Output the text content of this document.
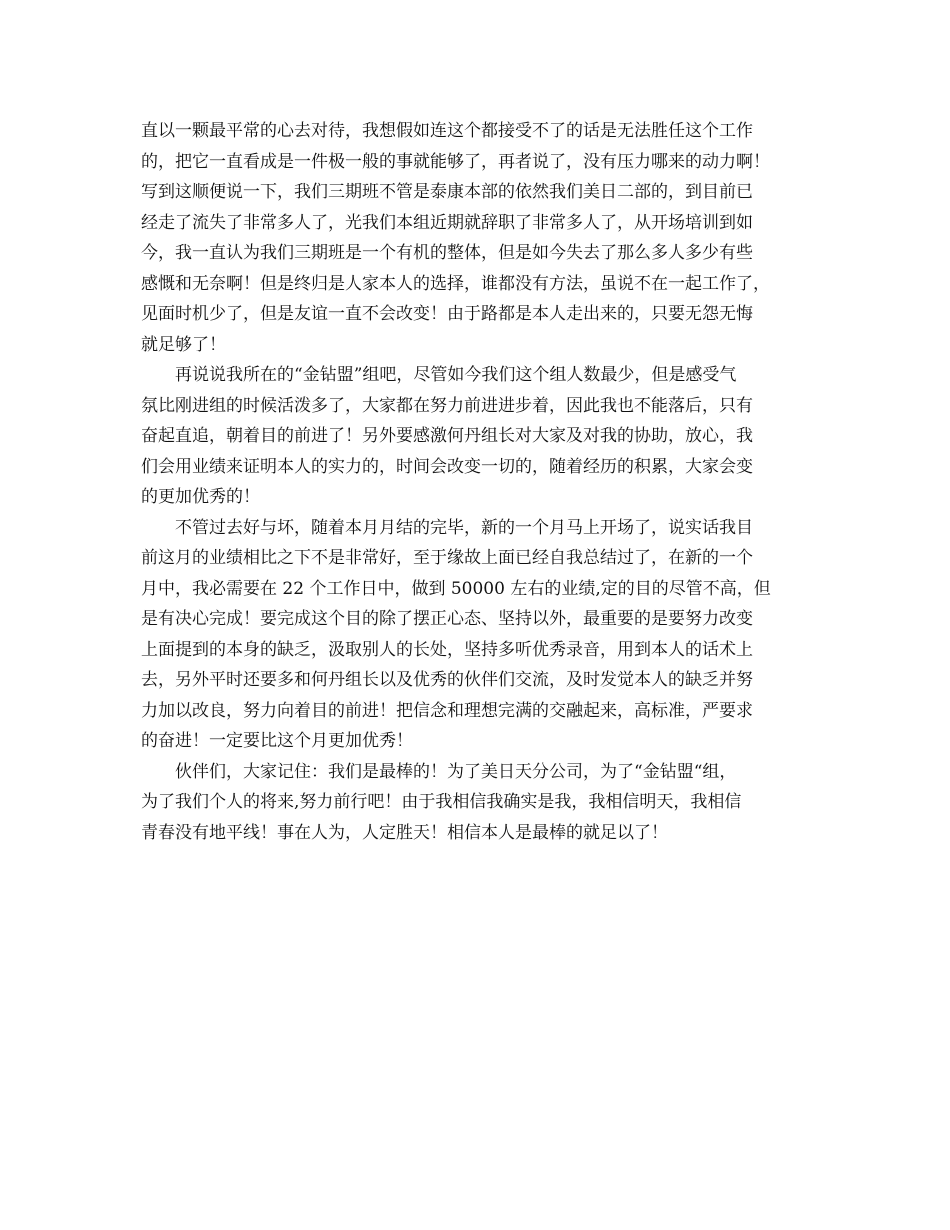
直以一颗最平常的心去对待，我想假如连这个都接受不了的话是无法胜任这个工作
的，把它一直看成是一件极一般的事就能够了，再者说了，没有压力哪来的动力啊！
写到这顺便说一下，我们三期班不管是泰康本部的依然我们美日二部的，到目前已
经走了流失了非常多人了，光我们本组近期就辞职了非常多人了，从开场培训到如
今，我一直认为我们三期班是一个有机的整体，但是如今失去了那么多人多少有些
感慨和无奈啊！但是终归是人家本人的选择，谁都没有方法，虽说不在一起工作了，
见面时机少了，但是友谊一直不会改变！由于路都是本人走出来的，只要无怨无悔
就足够了！

再说说我所在的“金钻盟”组吧，尽管如今我们这个组人数最少，但是感受气
氛比刚进组的时候活泼多了，大家都在努力前进进步着，因此我也不能落后，只有
奋起直追，朝着目的前进了！另外要感激何丹组长对大家及对我的协助，放心，我
们会用业绩来证明本人的实力的，时间会改变一切的，随着经历的积累，大家会变
的更加优秀的！

不管过去好与坏，随着本月月结的完毕，新的一个月马上开场了，说实话我目
前这月的业绩相比之下不是非常好，至于缘故上面已经自我总结过了，在新的一个
月中，我必需要在 22 个工作日中，做到 50000 左右的业绩,定的目的尽管不高，但
是有决心完成！要完成这个目的除了摆正心态、坚持以外，最重要的是要努力改变
上面提到的本身的缺乏，汲取别人的长处，坚持多听优秀录音，用到本人的话术上
去，另外平时还要多和何丹组长以及优秀的伙伴们交流，及时发觉本人的缺乏并努
力加以改良，努力向着目的前进！把信念和理想完满的交融起来，高标准，严要求
的奋进！一定要比这个月更加优秀！

伙伴们，大家记住：我们是最棒的！为了美日天分公司，为了“金钻盟“组，
为了我们个人的将来,努力前行吧！由于我相信我确实是我，我相信明天，我相信
青春没有地平线！事在人为，人定胜天！相信本人是最棒的就足以了！
